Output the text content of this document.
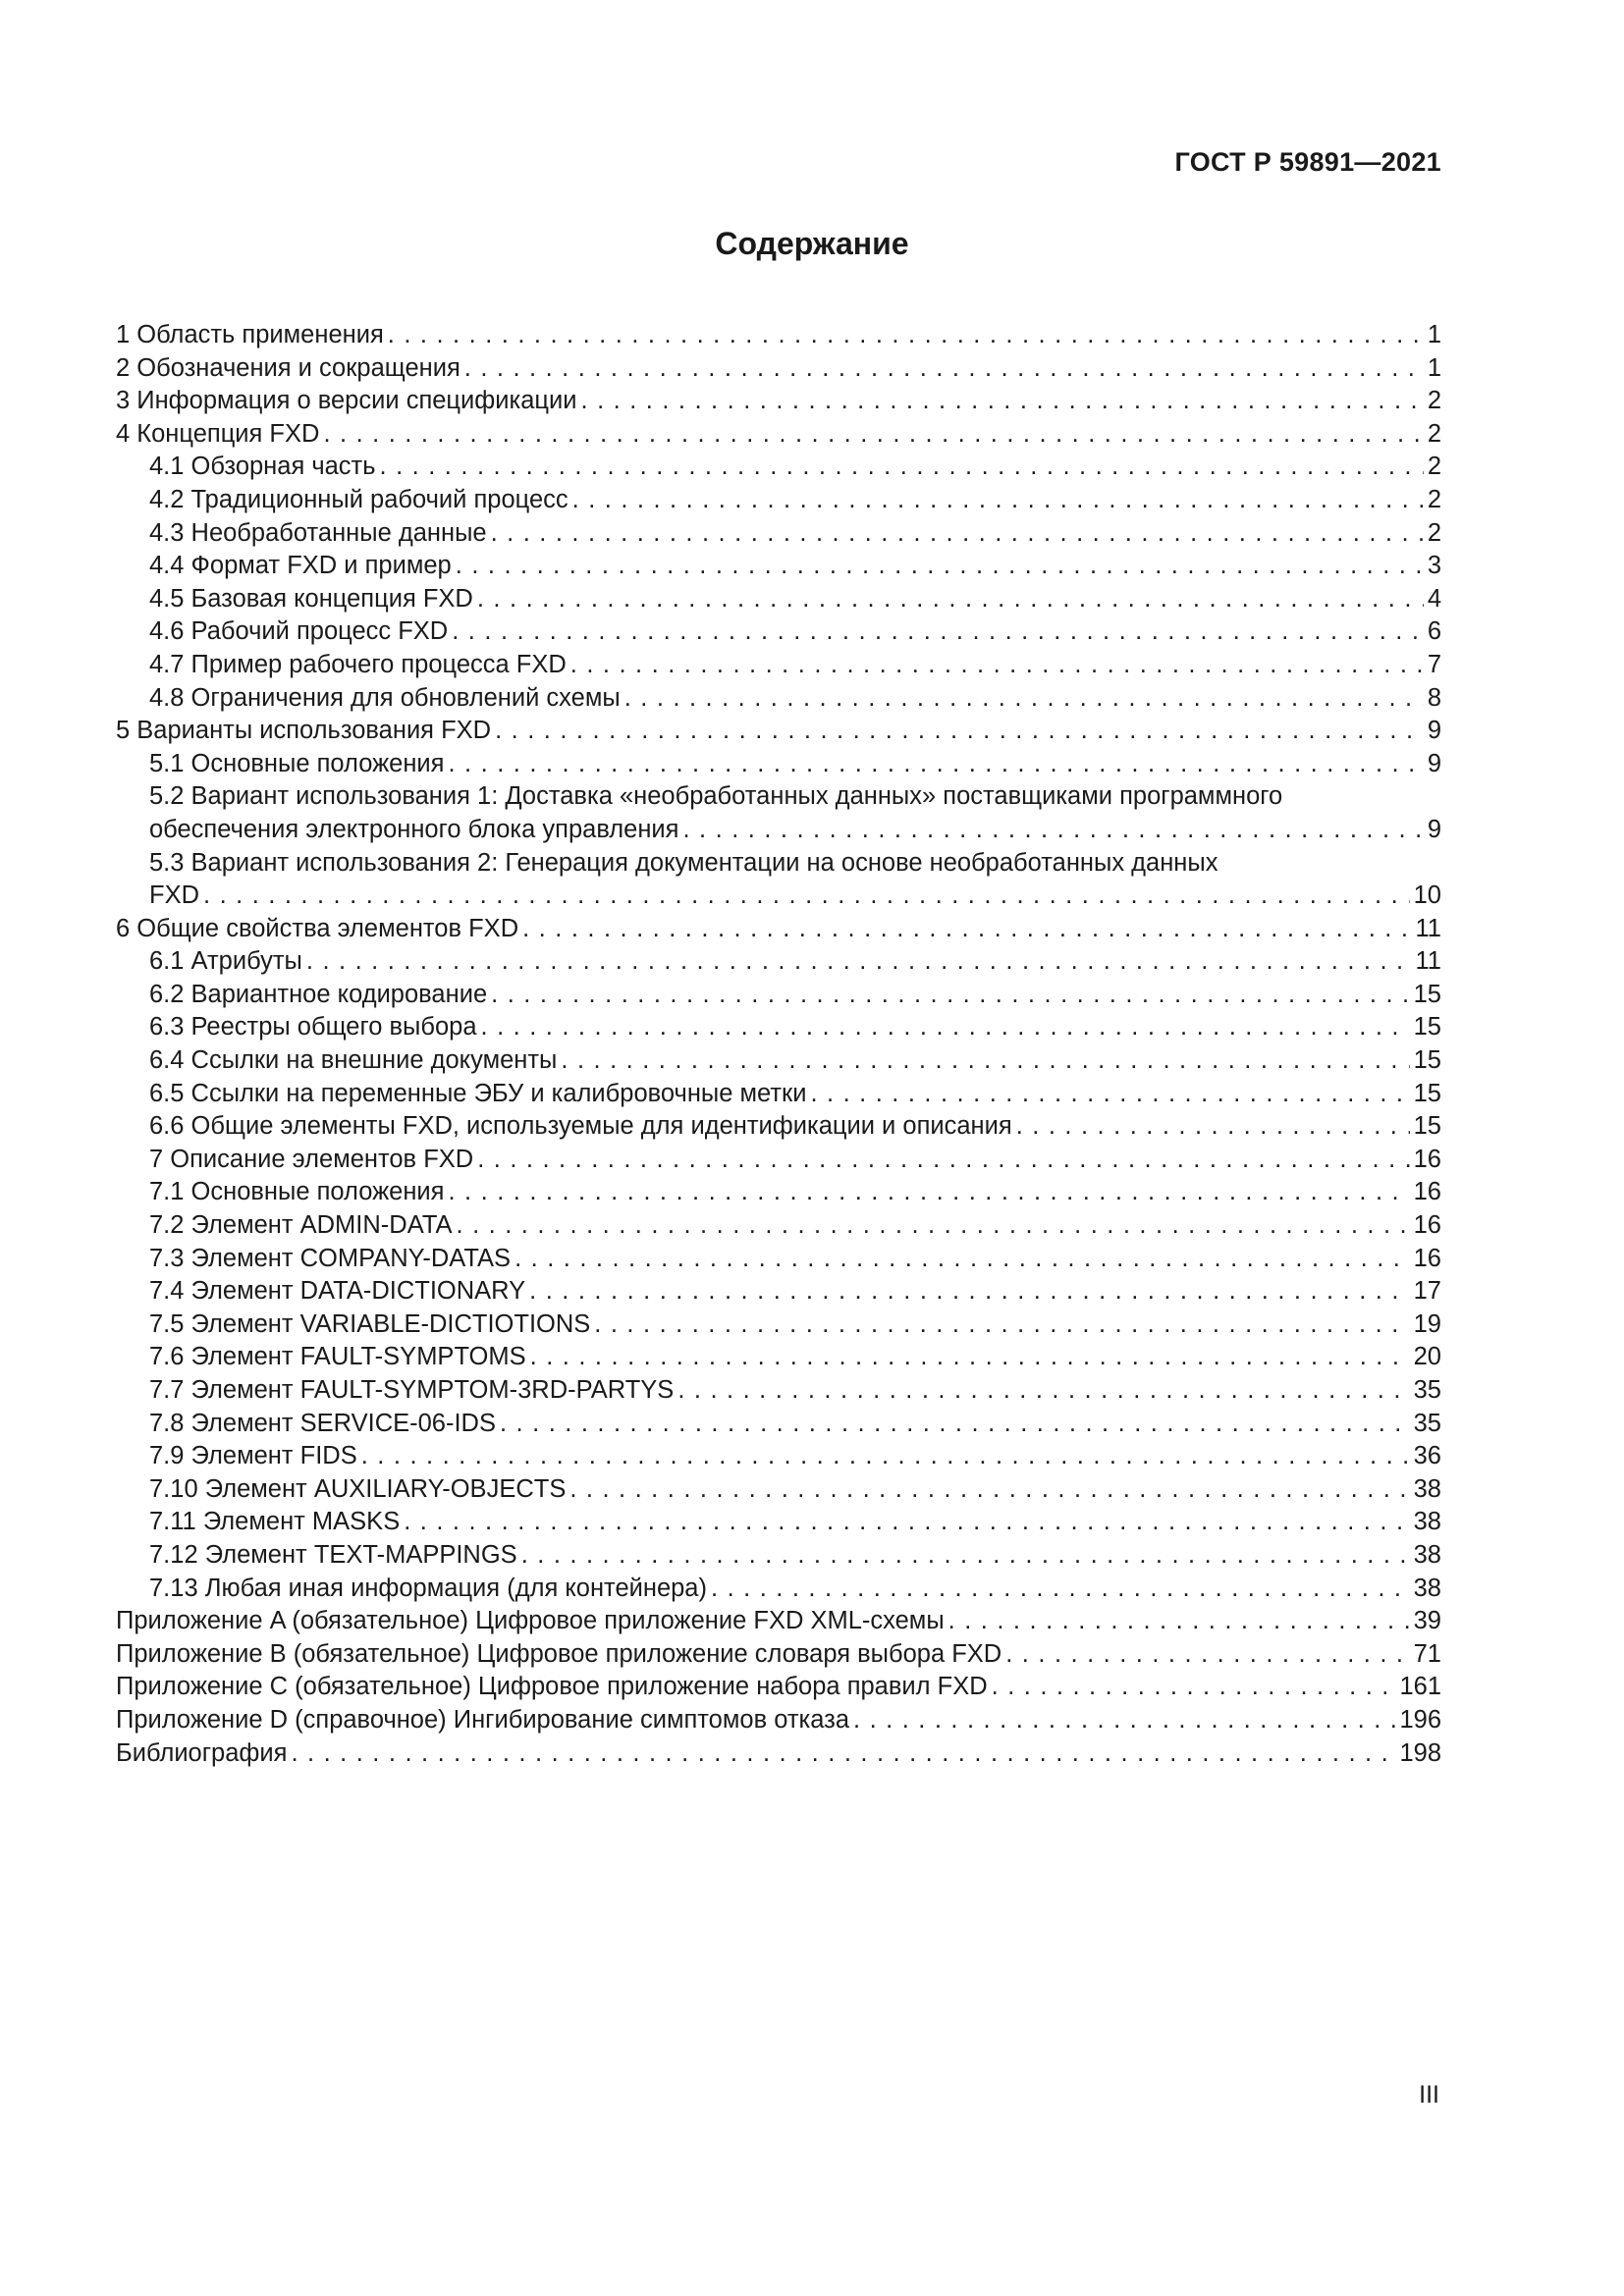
ГОСТ Р 59891—2021
Содержание
1 Область применения . . .	1
2 Обозначения и сокращения . . .	1
3 Информация о версии спецификации . . .	2
4 Концепция FXD . . .	2
4.1 Обзорная часть . . .	2
4.2 Традиционный рабочий процесс . . .	2
4.3 Необработанные данные . . .	2
4.4 Формат FXD и пример . . .	3
4.5 Базовая концепция FXD . . .	4
4.6 Рабочий процесс FXD . . .	6
4.7 Пример рабочего процесса FXD . . .	7
4.8 Ограничения для обновлений схемы . . .	8
5 Варианты использования FXD . . .	9
5.1 Основные положения . . .	9
5.2 Вариант использования 1: Доставка «необработанных данных» поставщиками программного
обеспечения электронного блока управления . . .	9
5.3 Вариант использования 2: Генерация документации на основе необработанных данных
FXD . . .	10
6 Общие свойства элементов FXD . . .	11
6.1 Атрибуты . . .	11
6.2 Вариантное кодирование . . .	15
6.3 Реестры общего выбора . . .	15
6.4 Ссылки на внешние документы . . .	15
6.5 Ссылки на переменные ЭБУ и калибровочные метки . . .	15
6.6 Общие элементы FXD, используемые для идентификации и описания . . .	15
7 Описание элементов FXD . . .	16
7.1 Основные положения . . .	16
7.2 Элемент ADMIN-DATA . . .	16
7.3 Элемент COMPANY-DATAS . . .	16
7.4 Элемент DATA-DICTIONARY . . .	17
7.5 Элемент VARIABLE-DICTIOTIONS . . .	19
7.6 Элемент FAULT-SYMPTOMS . . .	20
7.7 Элемент FAULT-SYMPTOM-3RD-PARTYS . . .	35
7.8 Элемент SERVICE-06-IDS . . .	35
7.9 Элемент FIDS . . .	36
7.10 Элемент AUXILIARY-OBJECTS . . .	38
7.11 Элемент MASKS . . .	38
7.12 Элемент TEXT-MAPPINGS . . .	38
7.13 Любая иная информация (для контейнера) . . .	38
Приложение A (обязательное) Цифровое приложение FXD XML-схемы . . .	39
Приложение B (обязательное) Цифровое приложение словаря выбора FXD . . .	71
Приложение C (обязательное) Цифровое приложение набора правил FXD . . .	161
Приложение D (справочное) Ингибирование симптомов отказа . . .	196
Библиография . . .	198
III
